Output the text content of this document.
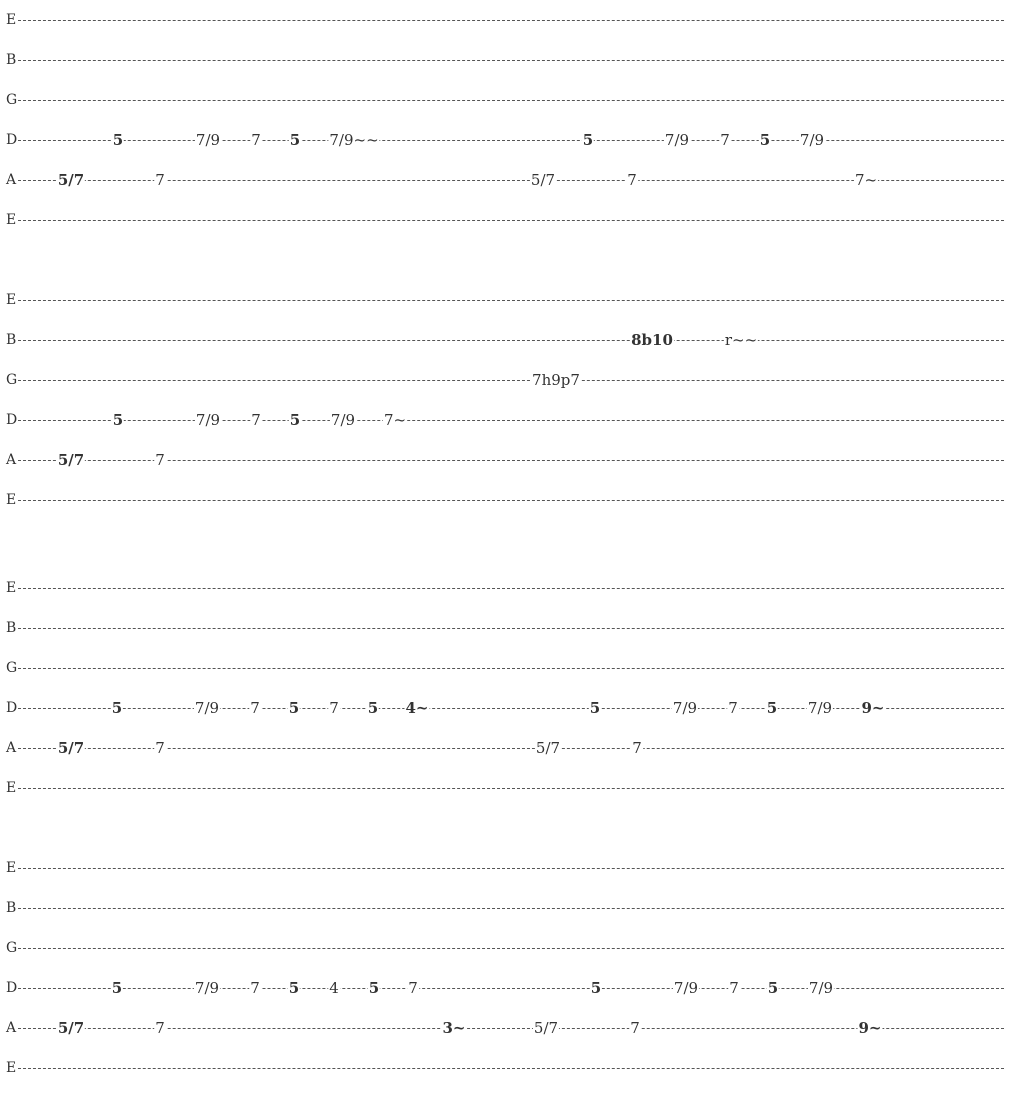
E
B
G
D
A
E
5	7/9 7 5 7/9~~	5	7/9 7 5 7/9
5/7	7	5/7	7	7~
E
B
G
D
A
E
8b10	r~~
7h9p7
5	7/9 7 5 7/9 7~
5/7	7
E
B
G
D
A
E
5	7/9 7 5 7 5 4~	5	7/9 7 5 7/9 9~
5/7	7	5/7	7
E
B
G
D
A
E
5	7/9 7 5 4 5 7	5	7/9 7 5 7/9
5/7	7	3~	5/7	7	9~
